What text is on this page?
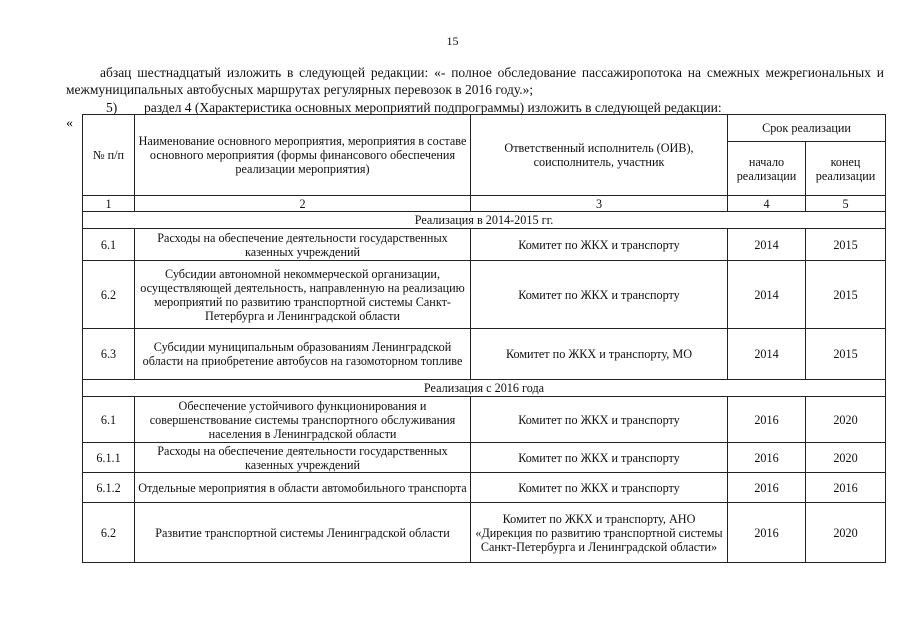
15
абзац шестнадцатый изложить в следующей редакции: «- полное обследование пассажиропотока на смежных межрегиональных и межмуниципальных автобусных маршрутах регулярных перевозок в 2016 году.»;
5) раздел 4 (Характеристика основных мероприятий подпрограммы) изложить в следующей редакции:
«
№ п/п	Наименование основного мероприятия, мероприятия в составе основного мероприятия (формы финансового обеспечения реализации мероприятия)	Ответственный исполнитель (ОИВ), соисполнитель, участник	Срок реализации	
			начало реализации	конец реализации
1	2	3	4	5
Реализация в 2014-2015 гг.				
6.1	Расходы на обеспечение деятельности государственных казенных учреждений	Комитет по ЖКХ и транспорту	2014	2015
6.2	Субсидии автономной некоммерческой организации, осуществляющей деятельность, направленную на реализацию мероприятий по развитию транспортной системы Санкт-Петербурга и Ленинградской области	Комитет по ЖКХ и транспорту	2014	2015
6.3	Субсидии муниципальным образованиям Ленинградской области на приобретение автобусов на газомоторном топливе	Комитет по ЖКХ и транспорту, МО	2014	2015
Реализация с 2016 года				
6.1	Обеспечение устойчивого функционирования и совершенствование системы транспортного обслуживания населения в Ленинградской области	Комитет по ЖКХ и транспорту	2016	2020
6.1.1	Расходы на обеспечение деятельности государственных казенных учреждений	Комитет по ЖКХ и транспорту	2016	2020
6.1.2	Отдельные мероприятия в области автомобильного транспорта	Комитет по ЖКХ и транспорту	2016	2016
6.2	Развитие транспортной системы Ленинградской области	Комитет по ЖКХ и транспорту, АНО «Дирекция по развитию транспортной системы Санкт-Петербурга и Ленинградской области»	2016	2020
